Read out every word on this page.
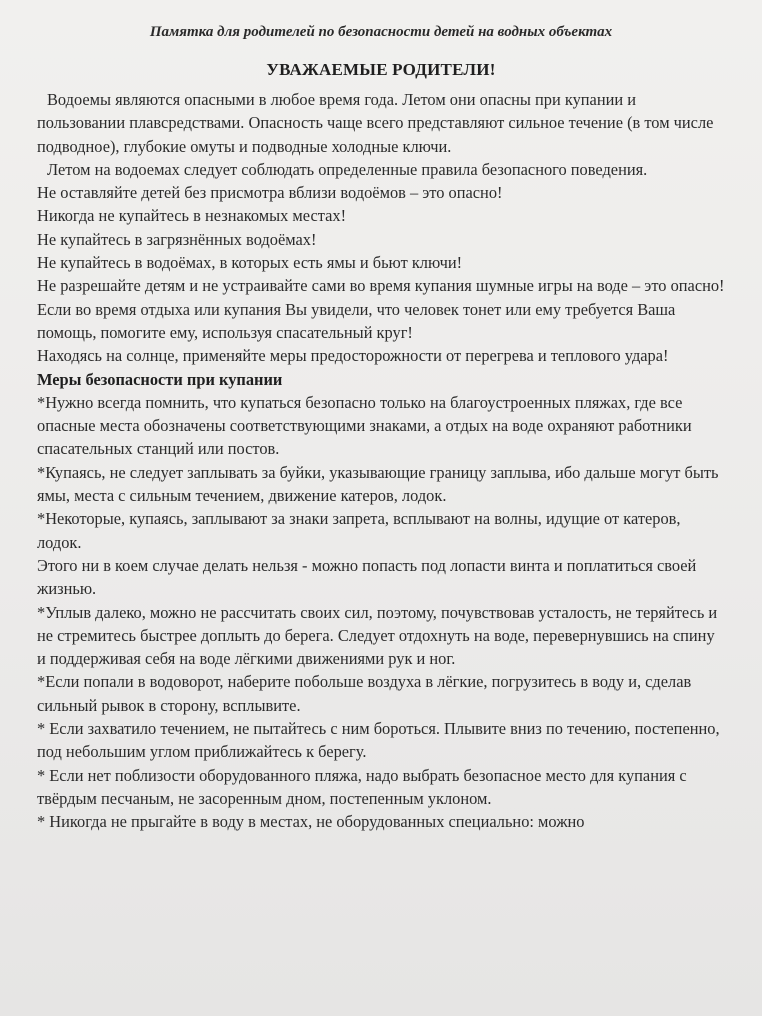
Памятка для родителей по безопасности детей на водных объектах
УВАЖАЕМЫЕ РОДИТЕЛИ!

Водоемы являются опасными в любое время года. Летом они опасны при купании и пользовании плавсредствами. Опасность чаще всего представляют сильное течение (в том числе подводное), глубокие омуты и подводные холодные ключи.

Летом на водоемах следует соблюдать определенные правила безопасного поведения.

Не оставляйте детей без присмотра вблизи водоёмов – это опасно!

Никогда не купайтесь в незнакомых местах!

Не купайтесь в загрязнённых водоёмах!

Не купайтесь в водоёмах, в которых есть ямы и бьют ключи!

Не разрешайте детям и не устраивайте сами во время купания шумные игры на воде – это опасно!

Если во время отдыха или купания Вы увидели, что человек тонет или ему требуется Ваша помощь, помогите ему, используя спасательный круг!

Находясь на солнце, применяйте меры предосторожности от перегрева и теплового удара!

Меры безопасности при купании

*Нужно всегда помнить, что купаться безопасно только на благоустроенных пляжах, где все опасные места обозначены соответствующими знаками, а отдых на воде охраняют работники спасательных станций или постов.

*Купаясь, не следует заплывать за буйки, указывающие границу заплыва, ибо дальше могут быть ямы, места с сильным течением, движение катеров, лодок.

*Некоторые, купаясь, заплывают за знаки запрета, всплывают на волны, идущие от катеров, лодок.

Этого ни в коем случае делать нельзя - можно попасть под лопасти винта и поплатиться своей жизнью.

*Уплыв далеко, можно не рассчитать своих сил, поэтому, почувствовав усталость, не теряйтесь и не стремитесь быстрее доплыть до берега. Следует отдохнуть на воде, перевернувшись на спину и поддерживая себя на воде лёгкими движениями рук и ног.

*Если попали в водоворот, наберите побольше воздуха в лёгкие, погрузитесь в воду и, сделав сильный рывок в сторону, всплывите.

* Если захватило течением, не пытайтесь с ним бороться. Плывите вниз по течению, постепенно, под небольшим углом приближайтесь к берегу.

* Если нет поблизости оборудованного пляжа, надо выбрать безопасное место для купания с твёрдым песчаным, не засоренным дном, постепенным уклоном.

* Никогда не прыгайте в воду в местах, не оборудованных специально: можно
